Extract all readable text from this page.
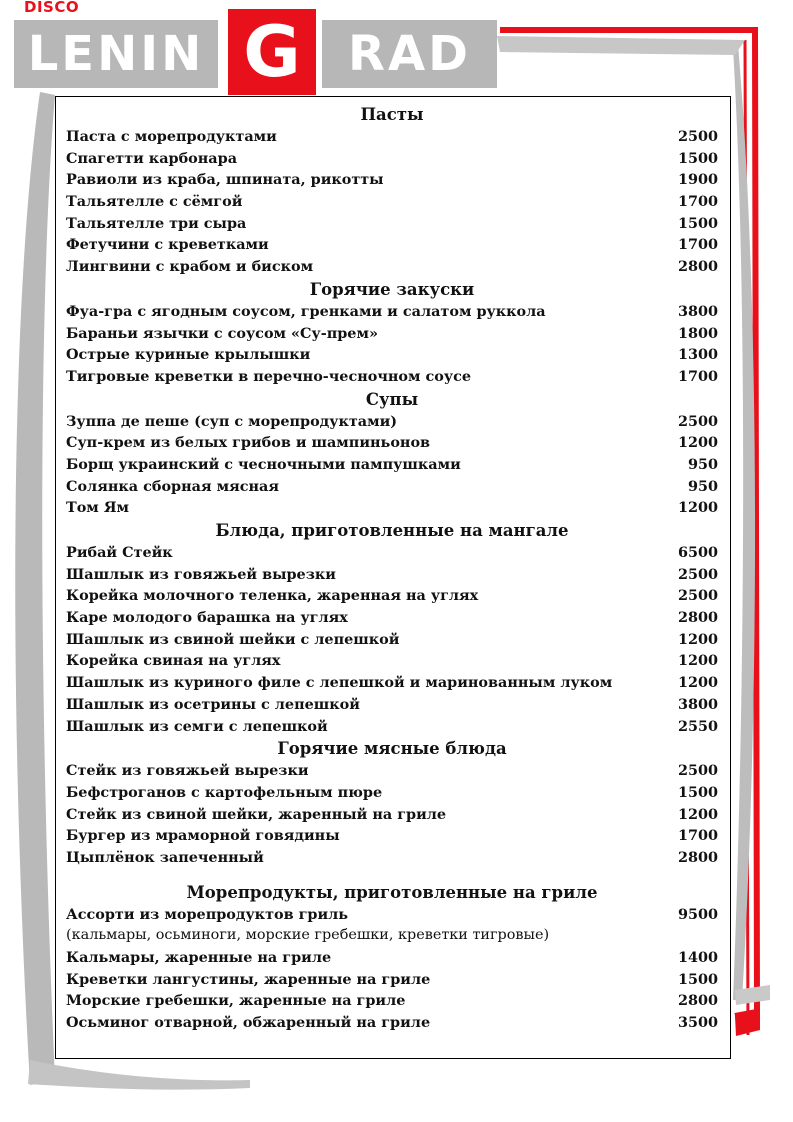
DISCO
LENIN G RAD
Пасты
Паста с морепродуктами	2500
Спагетти карбонара	1500
Равиоли из краба, шпината, рикотты	1900
Тальятелле с сёмгой	1700
Тальятелле три сыра	1500
Фетучини с креветками	1700
Лингвини с крабом и биском	2800
Горячие закуски
Фуа-гра с ягодным соусом, гренками и салатом руккола	3800
Бараньи язычки с соусом «Су-прем»	1800
Острые куриные крылышки	1300
Тигровые креветки в перечно-чесночном соусе	1700
Супы
Зуппа де пеше (суп с морепродуктами)	2500
Суп-крем из белых грибов и шампиньонов	1200
Борщ украинский с чесночными пампушками	950
Солянка сборная мясная	950
Том Ям	1200
Блюда, приготовленные на мангале
Рибай Стейк	6500
Шашлык из говяжьей вырезки	2500
Корейка молочного теленка, жаренная на углях	2500
Каре молодого барашка на углях	2800
Шашлык из свиной шейки с лепешкой	1200
Корейка свиная на углях	1200
Шашлык из куриного филе с лепешкой и маринованным луком	1200
Шашлык из осетрины с лепешкой	3800
Шашлык из семги с лепешкой	2550
Горячие мясные блюда
Стейк из говяжьей вырезки	2500
Бефстроганов с картофельным пюре	1500
Стейк из свиной шейки, жаренный на гриле	1200
Бургер из мраморной говядины	1700
Цыплёнок запеченный	2800
Морепродукты, приготовленные на гриле
Ассорти из морепродуктов гриль	9500
(кальмары, осьминоги, морские гребешки, креветки тигровые)
Кальмары, жаренные на гриле	1400
Креветки лангустины, жаренные на гриле	1500
Морские гребешки, жаренные на гриле	2800
Осьминог отварной, обжаренный на гриле	3500
